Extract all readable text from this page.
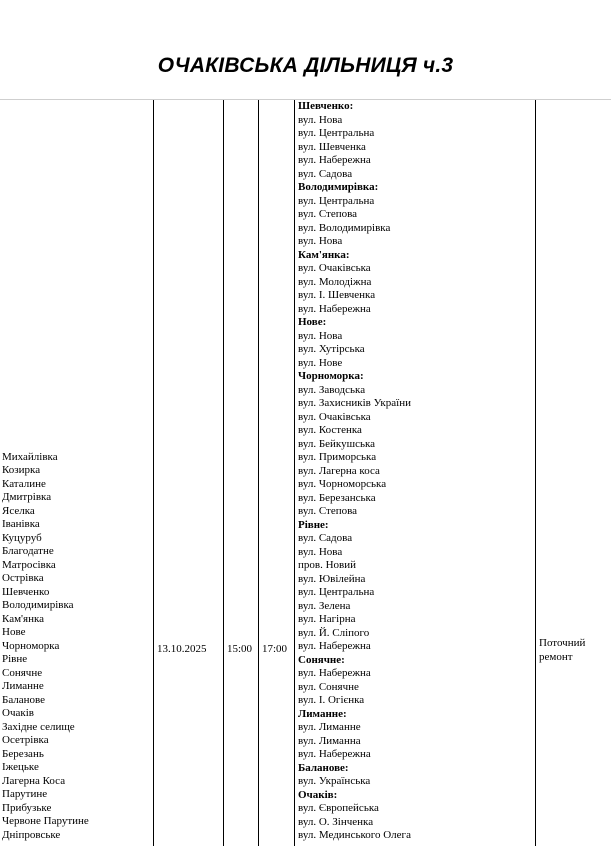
ОЧАКІВСЬКА ДІЛЬНИЦЯ ч.3
Михайлівка
Козирка
Каталине
Дмитрівка
Яселка
Іванівка
Куцуруб
Благодатне
Матросівка
Острівка
Шевченко
Володимирівка
Кам'янка
Нове
Чорноморка
Рівне
Сонячне
Лиманне
Баланове
Очаків
Західне селище
Осетрівка
Березань
Іжецьке
Лагерна Коса
Парутине
Прибузьке
Червоне Парутине
Дніпровське
13.10.2025 15:00 17:00
Шевченко:
вул. Нова
вул. Центральна
вул. Шевченка
вул. Набережна
вул. Садова
Володимирівка:
вул. Центральна
вул. Степова
вул. Володимирівка
вул. Нова
Кам'янка:
вул. Очаківська
вул. Молодіжна
вул. І. Шевченка
вул. Набережна
Нове:
вул. Нова
вул. Хутірська
вул. Нове
Чорноморка:
вул. Заводська
вул. Захисників України
вул. Очаківська
вул. Костенка
вул. Бейкушська
вул. Приморська
вул. Лагерна коса
вул. Чорноморська
вул. Березанська
вул. Степова
Рівне:
вул. Садова
вул. Нова
пров. Новий
вул. Ювілейна
вул. Центральна
вул. Зелена
вул. Нагірна
вул. Й. Сліпого
вул. Набережна
Сонячне:
вул. Набережна
вул. Сонячне
вул. І. Огієнка
Лиманне:
вул. Лиманне
вул. Лиманна
вул. Набережна
Баланове:
вул. Українська
Очаків:
вул. Європейська
вул. О. Зінченка
вул. Мединського Олега
Поточний ремонт
